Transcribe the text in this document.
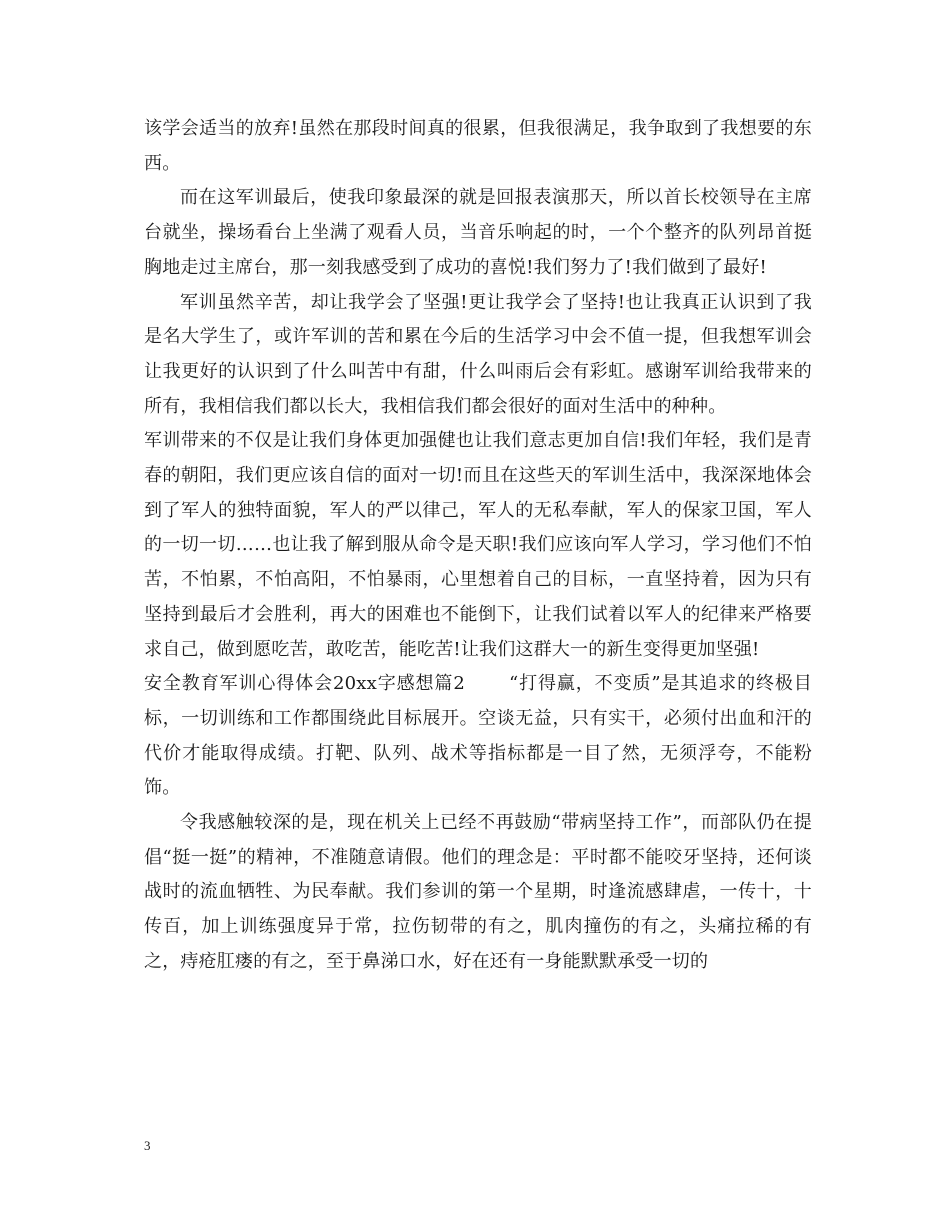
该学会适当的放弃!虽然在那段时间真的很累，但我很满足，我争取到了我想要的东西。

而在这军训最后，使我印象最深的就是回报表演那天，所以首长校领导在主席台就坐，操场看台上坐满了观看人员，当音乐响起的时，一个个整齐的队列昂首挺胸地走过主席台，那一刻我感受到了成功的喜悦!我们努力了!我们做到了最好!

军训虽然辛苦，却让我学会了坚强!更让我学会了坚持!也让我真正认识到了我是名大学生了，或许军训的苦和累在今后的生活学习中会不值一提，但我想军训会让我更好的认识到了什么叫苦中有甜，什么叫雨后会有彩虹。感谢军训给我带来的所有，我相信我们都以长大，我相信我们都会很好的面对生活中的种种。

军训带来的不仅是让我们身体更加强健也让我们意志更加自信!我们年轻，我们是青春的朝阳，我们更应该自信的面对一切!而且在这些天的军训生活中，我深深地体会到了军人的独特面貌，军人的严以律己，军人的无私奉献，军人的保家卫国，军人的一切一切……也让我了解到服从命令是天职!我们应该向军人学习，学习他们不怕苦，不怕累，不怕高阳，不怕暴雨，心里想着自己的目标，一直坚持着，因为只有坚持到最后才会胜利，再大的困难也不能倒下，让我们试着以军人的纪律来严格要求自己，做到愿吃苦，敢吃苦，能吃苦!让我们这群大一的新生变得更加坚强!

安全教育军训心得体会20xx字感想篇2 “打得赢，不变质”是其追求的终极目标，一切训练和工作都围绕此目标展开。空谈无益，只有实干，必须付出血和汗的代价才能取得成绩。打靶、队列、战术等指标都是一目了然，无须浮夸，不能粉饰。

令我感触较深的是，现在机关上已经不再鼓励“带病坚持工作”，而部队仍在提倡“挺一挺”的精神，不准随意请假。他们的理念是：平时都不能咬牙坚持，还何谈战时的流血牺牲、为民奉献。我们参训的第一个星期，时逢流感肆虐，一传十，十传百，加上训练强度异于常，拉伤韧带的有之，肌肉撞伤的有之，头痛拉稀的有之，痔疮肛瘘的有之，至于鼻涕口水，好在还有一身能默默承受一切的

3
